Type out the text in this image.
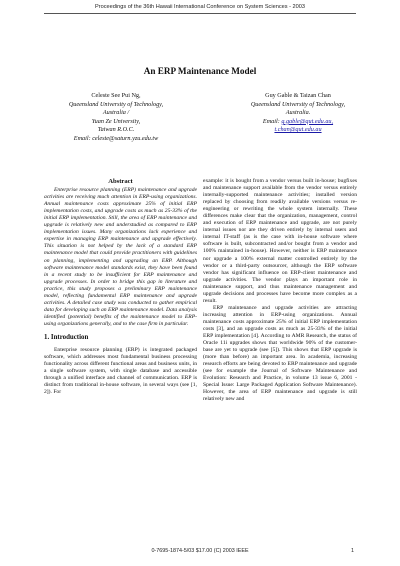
Proceedings of the 36th Hawaii International Conference on System Sciences - 2003
An ERP Maintenance Model
Celeste See Pui Ng,
Queensland University of Technology,
Australia /
Yuan Ze University,
Taiwan R.O.C.
Email: celeste@saturn.yzu.edu.tw
Guy Gable & Taizan Chan
Queensland University of Technology,
Australia.
Email: g.gable@qut.edu.au,
t.chan@qut.edu.au
Abstract

Enterprise resource planning (ERP) maintenance and upgrade activities are receiving much attention in ERP-using organizations. Annual maintenance costs approximate 25% of initial ERP implementation costs, and upgrade costs as much as 25-33% of the initial ERP implementation. Still, the area of ERP maintenance and upgrade is relatively new and understudied as compared to ERP implementation issues. Many organizations lack experience and expertise in managing ERP maintenance and upgrade effectively. This situation is not helped by the lack of a standard ERP maintenance model that could provide practitioners with guidelines on planning, implementing and upgrading an ERP. Although software maintenance model standards exist, they have been found in a recent study to be insufficient for ERP maintenance and upgrade processes. In order to bridge this gap in literature and practice, this study proposes a preliminary ERP maintenance model, reflecting fundamental ERP maintenance and upgrade activities. A detailed case study was conducted to gather empirical data for developing such an ERP maintenance model. Data analysis identified (potential) benefits of the maintenance model to ERP-using organizations generally, and to the case firm in particular.

1. Introduction

Enterprise resource planning (ERP) is integrated packaged software, which addresses most fundamental business processing functionality across different functional areas and business units, in a single software system, with single database and accessible through a unified interface and channel of communication. ERP is distinct from traditional in-house software, in several ways (see [1, 2]). For

example: it is bought from a vendor versus built in-house; bugfixes and maintenance support available from the vendor versus entirely internally-supported maintenance activities; installed version replaced by choosing from readily available versions versus re-engineering or rewriting the whole system internally. These differences make clear that the organization, management, control and execution of ERP maintenance and upgrade, are not purely internal issues nor are they driven entirely by internal users and internal IT-staff (as is the case with in-house software where software is built, subcontracted and/or bought from a vendor and 100% maintained in-house). However, neither is ERP maintenance nor upgrade a 100% external matter controlled entirely by the vendor or a third-party outsourcer, although the ERP software vendor has significant influence on ERP-client maintenance and upgrade activities. The vendor plays an important role in maintenance support, and thus maintenance management and upgrade decisions and processes have become more complex as a result.

ERP maintenance and upgrade activities are attracting increasing attention in ERP-using organizations. Annual maintenance costs approximate 25% of initial ERP implementation costs [3], and an upgrade costs as much as 25-33% of the initial ERP implementation [4]. According to AMR Research, the status of Oracle 11i upgrades shows that worldwide 90% of the customer-base are yet to upgrade (see [5]). This shows that ERP upgrade is (more than before) an important area. In academia, increasing research efforts are being devoted to ERP maintenance and upgrade (see for example the Journal of Software Maintenance and Evolution: Research and Practice, in volume 13 issue 6, 2001 - Special Issue: Large Packaged Application Software Maintenance). However, the area of ERP maintenance and upgrade is still relatively new and

0-7695-1874-5/03 $17.00 (C) 2003 IEEE	1
